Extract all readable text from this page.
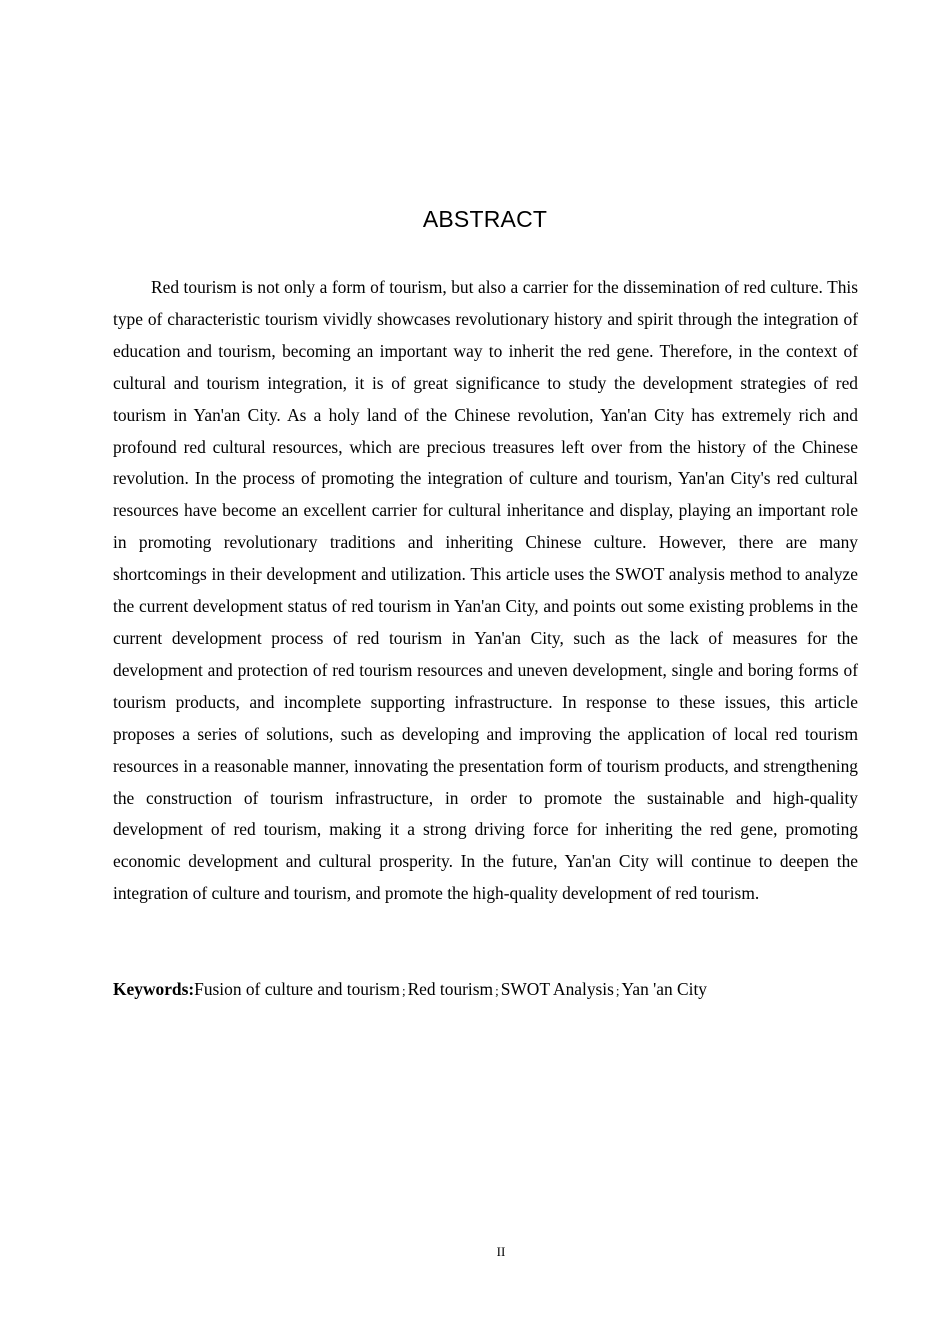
ABSTRACT

Red tourism is not only a form of tourism, but also a carrier for the dissemination of red culture. This type of characteristic tourism vividly showcases revolutionary history and spirit through the integration of education and tourism, becoming an important way to inherit the red gene. Therefore, in the context of cultural and tourism integration, it is of great significance to study the development strategies of red tourism in Yan'an City. As a holy land of the Chinese revolution, Yan'an City has extremely rich and profound red cultural resources, which are precious treasures left over from the history of the Chinese revolution. In the process of promoting the integration of culture and tourism, Yan'an City's red cultural resources have become an excellent carrier for cultural inheritance and display, playing an important role in promoting revolutionary traditions and inheriting Chinese culture. However, there are many shortcomings in their development and utilization. This article uses the SWOT analysis method to analyze the current development status of red tourism in Yan'an City, and points out some existing problems in the current development process of red tourism in Yan'an City, such as the lack of measures for the development and protection of red tourism resources and uneven development, single and boring forms of tourism products, and incomplete supporting infrastructure. In response to these issues, this article proposes a series of solutions, such as developing and improving the application of local red tourism resources in a reasonable manner, innovating the presentation form of tourism products, and strengthening the construction of tourism infrastructure, in order to promote the sustainable and high-quality development of red tourism, making it a strong driving force for inheriting the red gene, promoting economic development and cultural prosperity. In the future, Yan'an City will continue to deepen the integration of culture and tourism, and promote the high-quality development of red tourism.

Keywords:Fusion of culture and tourism ; Red tourism ; SWOT Analysis ; Yan 'an City

II
